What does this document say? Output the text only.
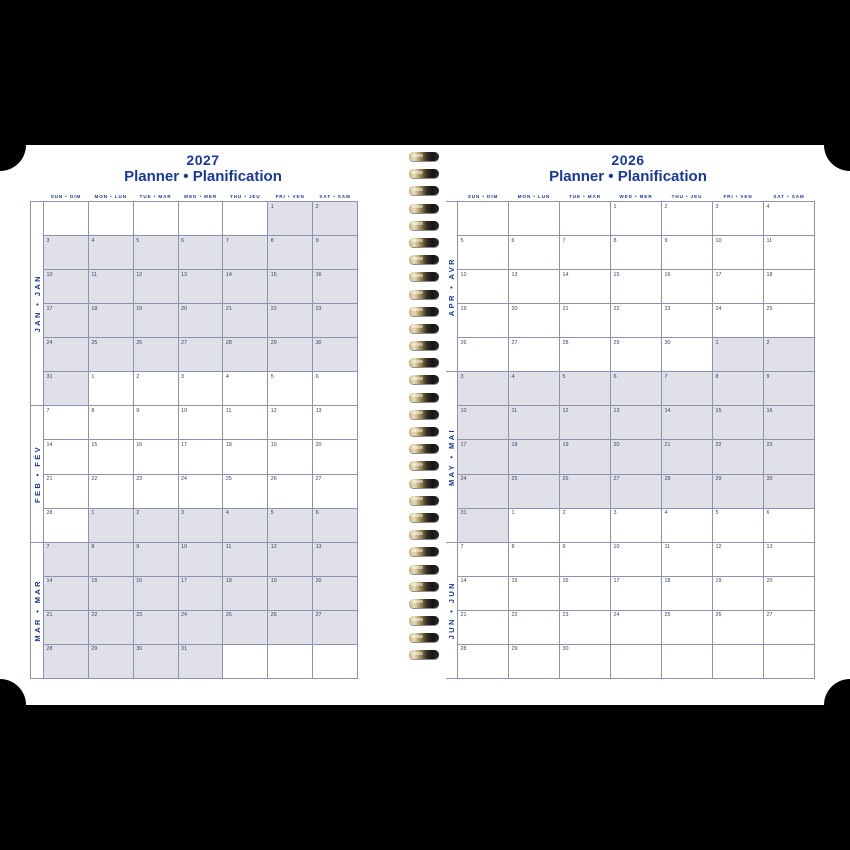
2027
Planner • Planification
	SUN • DIM	MON • LUN	TUE • MAR	WED • MER	THU • JEU	FRI • VEN	SAT • SAM

JAN • JAN						1	2

	3	4	5	6	7	8	9

	10	11	12	13	14	15	16

	17	18	19	20	21	22	23

	24	25	26	27	28	29	30

	31	1	2	3	4	5	6

FEB • FÉV	7	8	9	10	11	12	13

	14	15	16	17	18	19	20

	21	22	23	24	25	26	27

	28	1	2	3	4	5	6

MAR • MAR	7	8	9	10	11	12	13

	14	15	16	17	18	19	20

	21	22	23	24	25	26	27

	28	29	30	31			

2026
Planner • Planification
	SUN • DIM	MON • LUN	TUE • MAR	WED • MER	THU • JEU	FRI • VEN	SAT • SAM

APR • AVR				1	2	3	4

	5	6	7	8	9	10	11

	12	13	14	15	16	17	18

	19	20	21	22	23	24	25

	26	27	28	29	30	1	2

MAY • MAI	3	4	5	6	7	8	9

	10	11	12	13	14	15	16

	17	18	19	20	21	22	23

	24	25	26	27	28	29	30

	31	1	2	3	4	5	6

JUN • JUN	7	8	9	10	11	12	13

	14	15	16	17	18	19	20

	21	22	23	24	25	26	27

	28	29	30				
